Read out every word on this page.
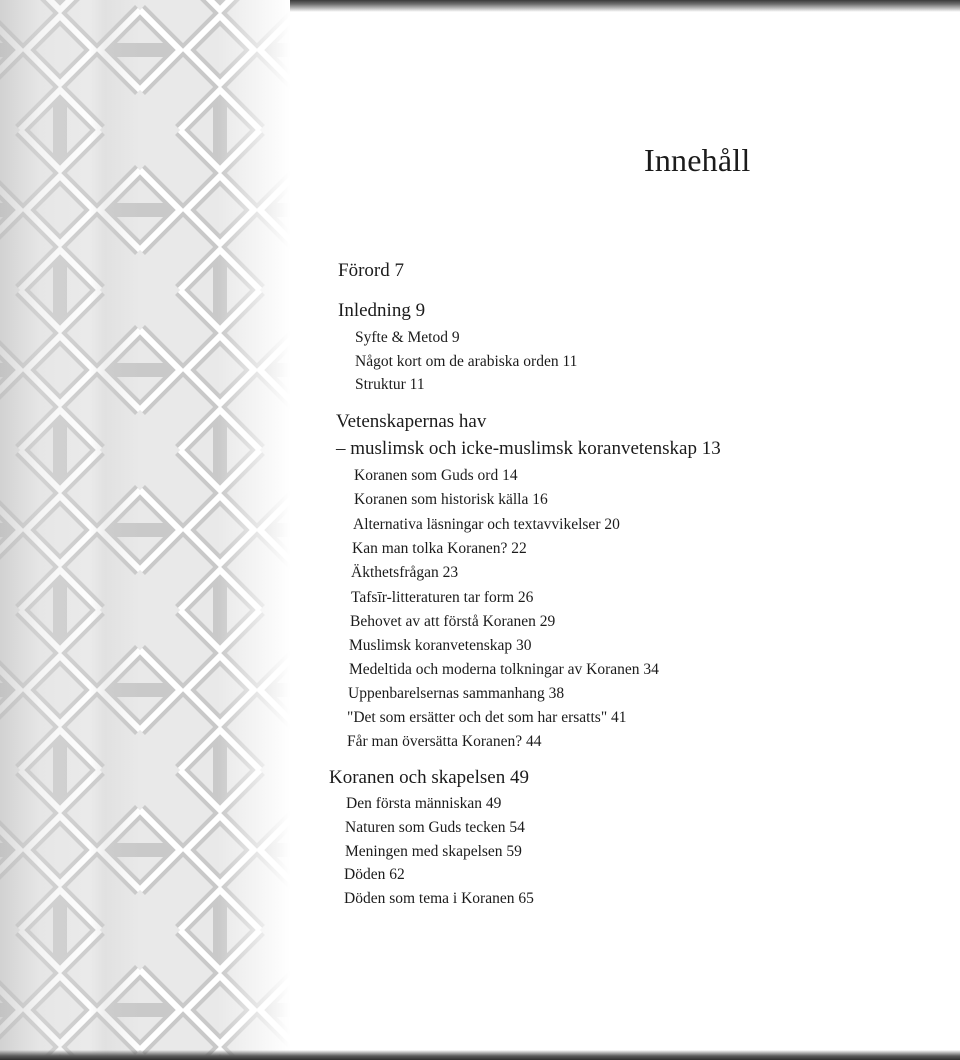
Innehåll

Förord 7

Inledning 9

Syfte & Metod 9

Något kort om de arabiska orden 11

Struktur 11

Vetenskapernas hav

– muslimsk och icke-muslimsk koranvetenskap 13

Koranen som Guds ord 14

Koranen som historisk källa 16

Alternativa läsningar och textavvikelser 20

Kan man tolka Koranen? 22

Äkthetsfrågan 23

Tafsīr-litteraturen tar form 26

Behovet av att förstå Koranen 29

Muslimsk koranvetenskap 30

Medeltida och moderna tolkningar av Koranen 34

Uppenbarelsernas sammanhang 38

"Det som ersätter och det som har ersatts" 41

Får man översätta Koranen? 44

Koranen och skapelsen 49

Den första människan 49

Naturen som Guds tecken 54

Meningen med skapelsen 59

Döden 62

Döden som tema i Koranen 65
